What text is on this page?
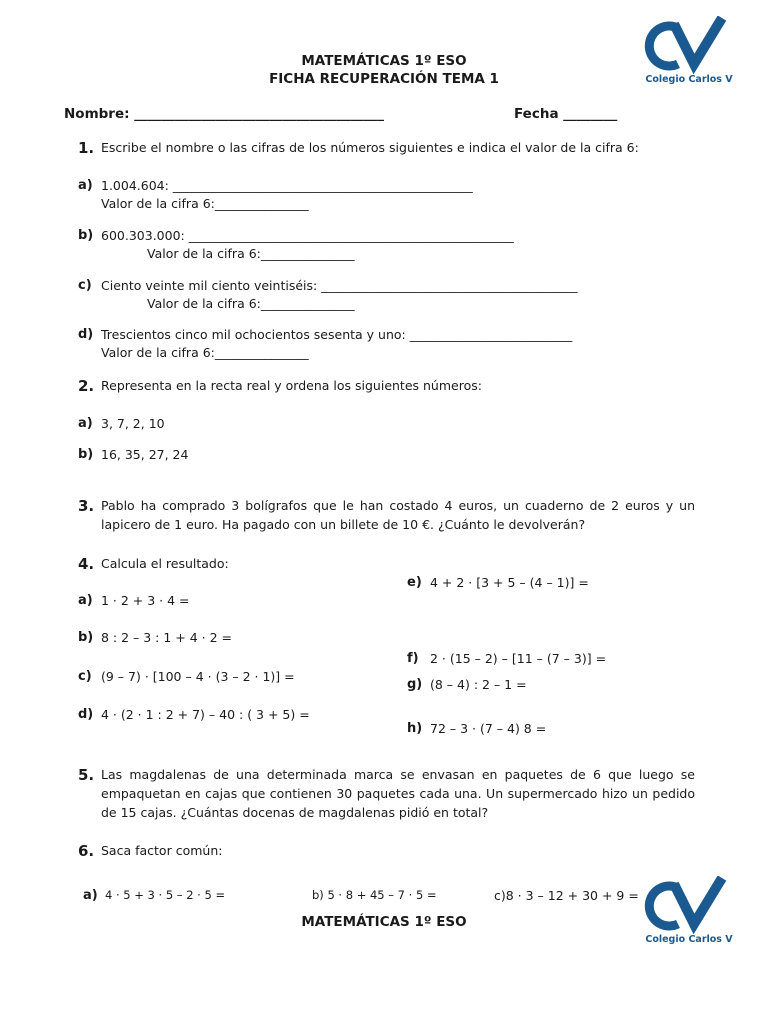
Colegio Carlos V
MATEMÁTICAS 1º ESO
FICHA RECUPERACIÓN TEMA 1
Nombre: _____________________________________	Fecha ________
1. Escribe el nombre o las cifras de los números siguientes e indica el valor de la cifra 6:
a) 1.004.604: ________________________________________________
Valor de la cifra 6:_______________
b) 600.303.000: ____________________________________________________
Valor de la cifra 6:_______________
c) Ciento veinte mil ciento veintiséis: _________________________________________
Valor de la cifra 6:_______________
d) Trescientos cinco mil ochocientos sesenta y uno: __________________________
Valor de la cifra 6:_______________
2. Representa en la recta real y ordena los siguientes números:
a) 3, 7, 2, 10
b) 16, 35, 27, 24
3. Pablo ha comprado 3 bolígrafos que le han costado 4 euros, un cuaderno de 2 euros y un lapicero de 1 euro. Ha pagado con un billete de 10 €. ¿Cuánto le devolverán?
4. Calcula el resultado:
e) 4 + 2 · [3 + 5 – (4 – 1)] =
a) 1 · 2 + 3 · 4 =
b) 8 : 2 – 3 : 1 + 4 · 2 =
f) 2 · (15 – 2) – [11 – (7 – 3)] =
c) (9 – 7) · [100 – 4 · (3 – 2 · 1)] =
g) (8 – 4) : 2 – 1 =
d) 4 · (2 · 1 : 2 + 7) – 40 : ( 3 + 5) =
h) 72 – 3 · (7 – 4) 8 =
5. Las magdalenas de una determinada marca se envasan en paquetes de 6 que luego se empaquetan en cajas que contienen 30 paquetes cada una. Un supermercado hizo un pedido de 15 cajas. ¿Cuántas docenas de magdalenas pidió en total?
6. Saca factor común:
a) 4 · 5 + 3 · 5 – 2 · 5 =	b) 5 · 8 + 45 – 7 · 5 =	c)8 · 3 – 12 + 30 + 9 =
MATEMÁTICAS 1º ESO
Colegio Carlos V
